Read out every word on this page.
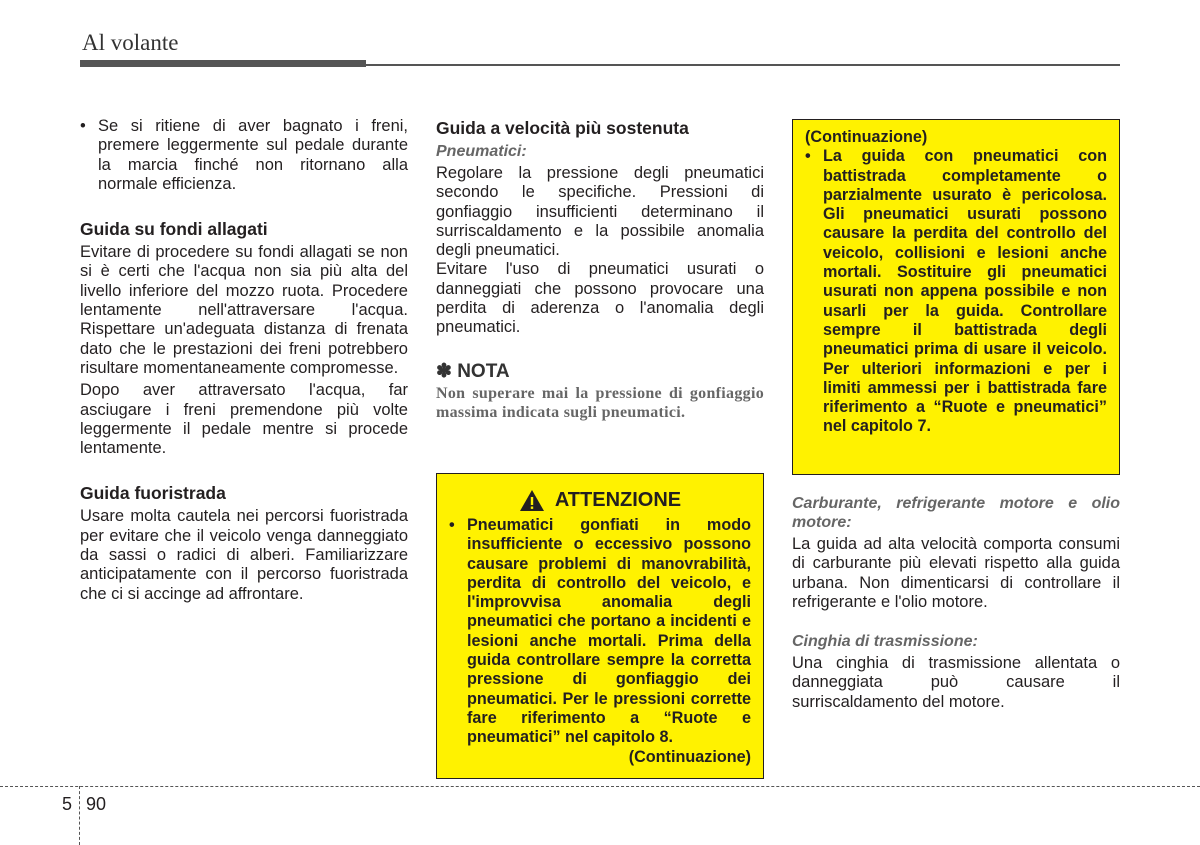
Al volante
• Se si ritiene di aver bagnato i freni, premere leggermente sul pedale durante la marcia finché non ritornano alla normale efficienza.
Guida su fondi allagati

Evitare di procedere su fondi allagati se non si è certi che l'acqua non sia più alta del livello inferiore del mozzo ruota. Procedere lentamente nell'attraversare l'acqua. Rispettare un'adeguata distanza di frenata dato che le prestazioni dei freni potrebbero risultare momentaneamente compromesse.

Dopo aver attraversato l'acqua, far asciugare i freni premendone più volte leggermente il pedale mentre si procede lentamente.

Guida fuoristrada

Usare molta cautela nei percorsi fuoristrada per evitare che il veicolo venga danneggiato da sassi o radici di alberi. Familiarizzare anticipatamente con il percorso fuoristrada che ci si accinge ad affrontare.

Guida a velocità più sostenuta

Pneumatici:

Regolare la pressione degli pneumatici secondo le specifiche. Pressioni di gonfiaggio insufficienti determinano il surriscaldamento e la possibile anomalia degli pneumatici.

Evitare l'uso di pneumatici usurati o danneggiati che possono provocare una perdita di aderenza o l'anomalia degli pneumatici.

✽ NOTA

Non superare mai la pressione di gonfiaggio massima indicata sugli pneumatici.

ATTENZIONE
• Pneumatici gonfiati in modo insufficiente o eccessivo possono causare problemi di manovrabilità, perdita di controllo del veicolo, e l'improvvisa anomalia degli pneumatici che portano a incidenti e lesioni anche mortali. Prima della guida controllare sempre la corretta pressione di gonfiaggio dei pneumatici. Per le pressioni corrette fare riferimento a “Ruote e pneumatici” nel capitolo 8.
(Continuazione)
(Continuazione)
• La guida con pneumatici con battistrada completamente o parzialmente usurato è pericolosa. Gli pneumatici usurati possono causare la perdita del controllo del veicolo, collisioni e lesioni anche mortali. Sostituire gli pneumatici usurati non appena possibile e non usarli per la guida. Controllare sempre il battistrada degli pneumatici prima di usare il veicolo. Per ulteriori informazioni e per i limiti ammessi per i battistrada fare riferimento a “Ruote e pneumatici” nel capitolo 7.

Carburante, refrigerante motore e olio motore:

La guida ad alta velocità comporta consumi di carburante più elevati rispetto alla guida urbana. Non dimenticarsi di controllare il refrigerante e l'olio motore.

Cinghia di trasmissione:

Una cinghia di trasmissione allentata o danneggiata può causare il surriscaldamento del motore.

5 90
